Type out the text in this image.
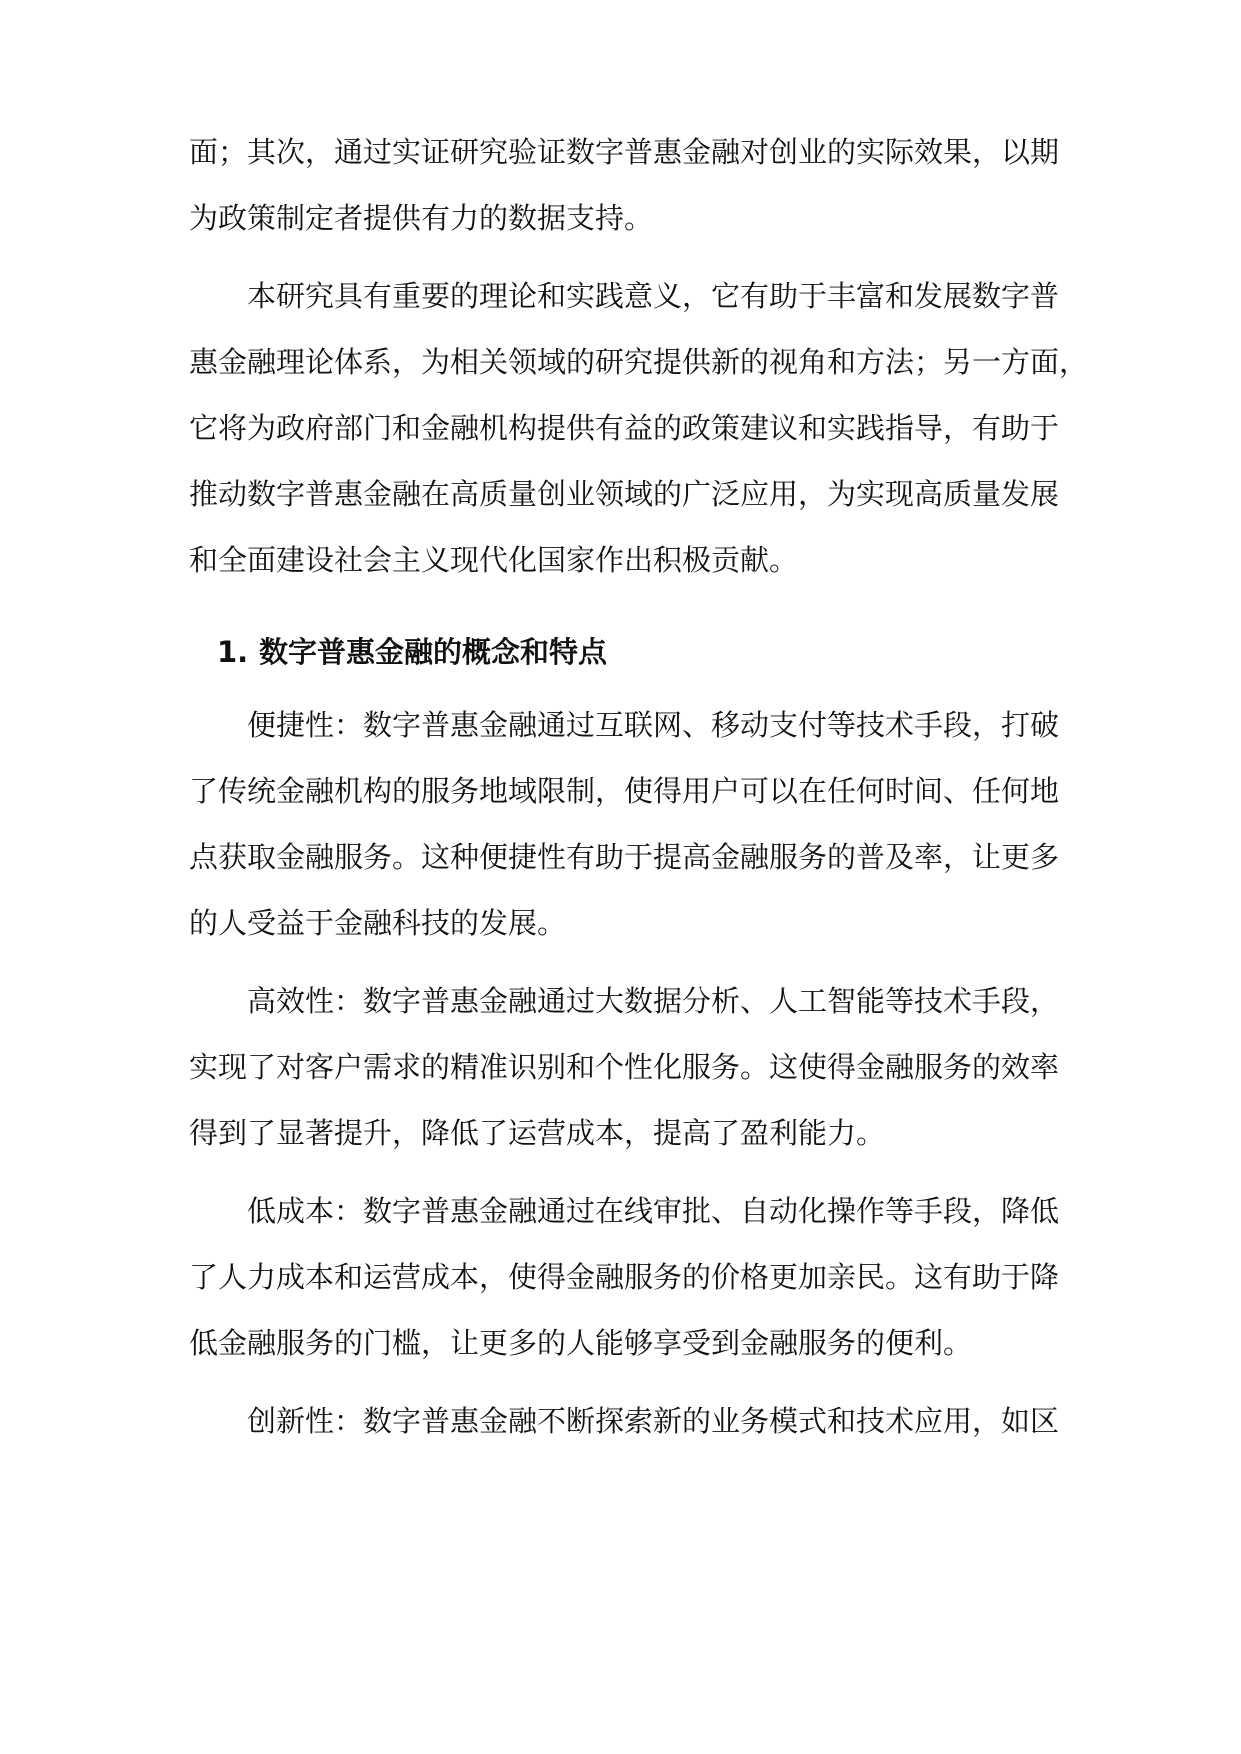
面；其次，通过实证研究验证数字普惠金融对创业的实际效果，以期
为政策制定者提供有力的数据支持。
本研究具有重要的理论和实践意义，它有助于丰富和发展数字普
惠金融理论体系，为相关领域的研究提供新的视角和方法；另一方面，
它将为政府部门和金融机构提供有益的政策建议和实践指导，有助于
推动数字普惠金融在高质量创业领域的广泛应用，为实现高质量发展
和全面建设社会主义现代化国家作出积极贡献。
1. 数字普惠金融的概念和特点
便捷性：数字普惠金融通过互联网、移动支付等技术手段，打破
了传统金融机构的服务地域限制，使得用户可以在任何时间、任何地
点获取金融服务。这种便捷性有助于提高金融服务的普及率，让更多
的人受益于金融科技的发展。
高效性：数字普惠金融通过大数据分析、人工智能等技术手段，
实现了对客户需求的精准识别和个性化服务。这使得金融服务的效率
得到了显著提升，降低了运营成本，提高了盈利能力。
低成本：数字普惠金融通过在线审批、自动化操作等手段，降低
了人力成本和运营成本，使得金融服务的价格更加亲民。这有助于降
低金融服务的门槛，让更多的人能够享受到金融服务的便利。
创新性：数字普惠金融不断探索新的业务模式和技术应用，如区
